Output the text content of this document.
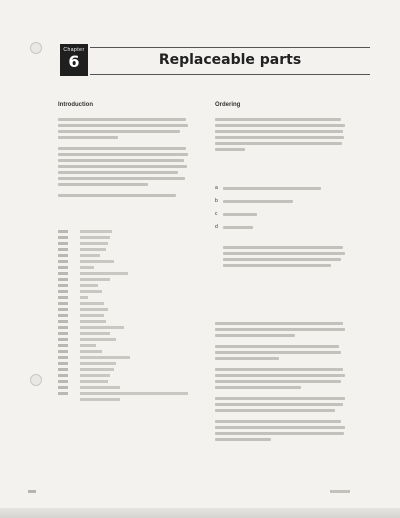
Chapter
6	Replaceable parts
Introduction	Ordering
a
b
c
d
